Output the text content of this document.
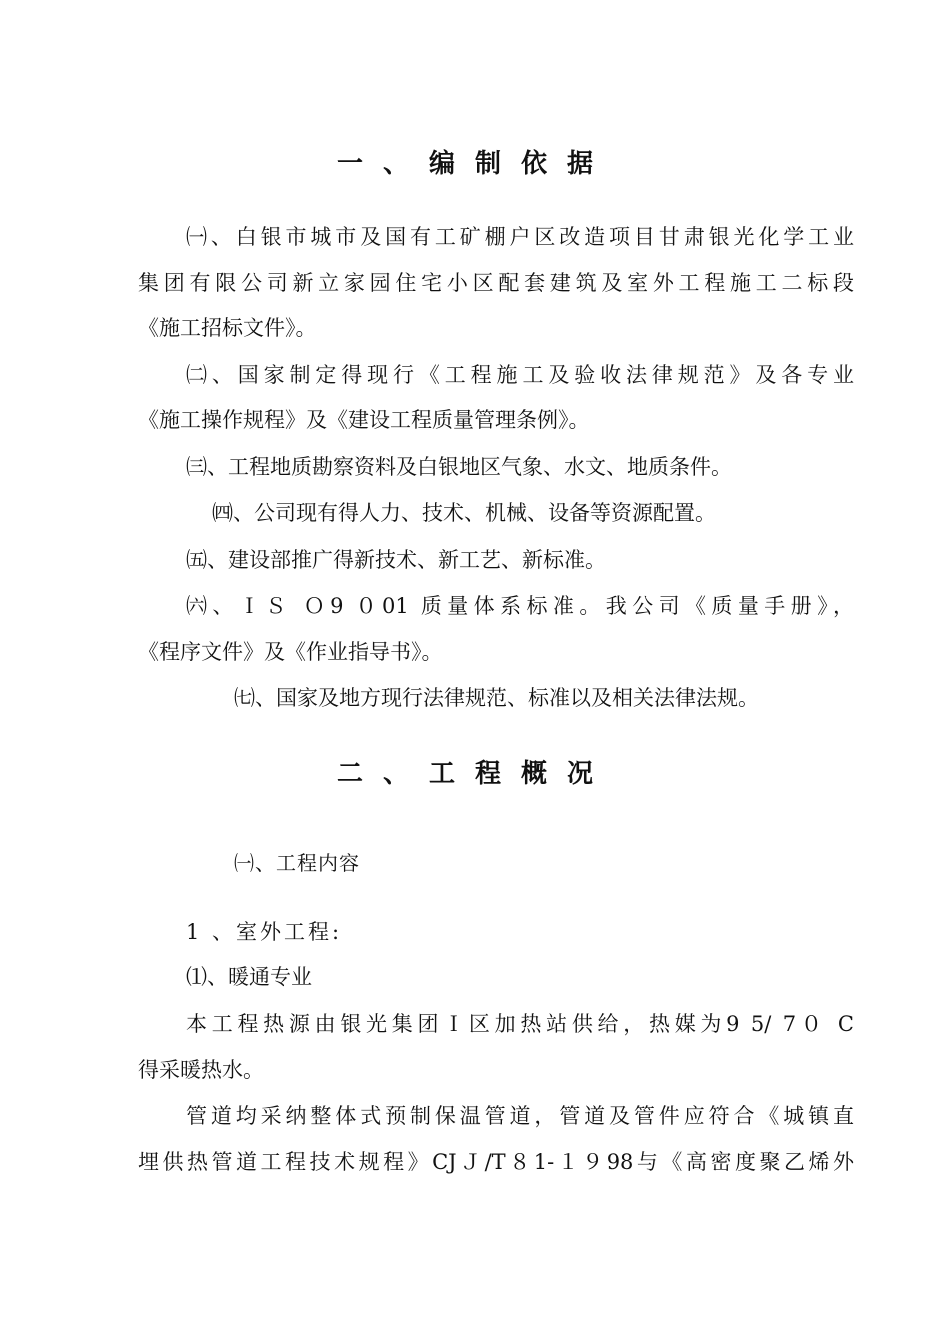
一、编制依据
㈠、白银市城市及国有工矿棚户区改造项目甘肃银光化学工业
集团有限公司新立家园住宅小区配套建筑及室外工程施工二标段
《施工招标文件》。
㈡、国家制定得现行《工程施工及验收法律规范》及各专业
《施工操作规程》及《建设工程质量管理条例》。
㈢、工程地质勘察资料及白银地区气象、水文、地质条件。
㈣、公司现有得人力、技术、机械、设备等资源配置。
㈤、建设部推广得新技术、新工艺、新标准。
㈥、ＩＳ Ｏ9 ０01 质量体系标准。我公司《质量手册》，
《程序文件》及《作业指导书》。
㈦、国家及地方现行法律规范、标准以及相关法律法规。
二、工程概况
㈠、工程内容
1 、室外工程:
⑴、暖通专业
本工程热源由银光集团Ｉ区加热站供给，热媒为9 5/ 7０ C
得采暖热水。
管道均采纳整体式预制保温管道，管道及管件应符合《城镇直
埋供热管道工程技术规程》CJＪ/T８1-１９98与《高密度聚乙烯外
